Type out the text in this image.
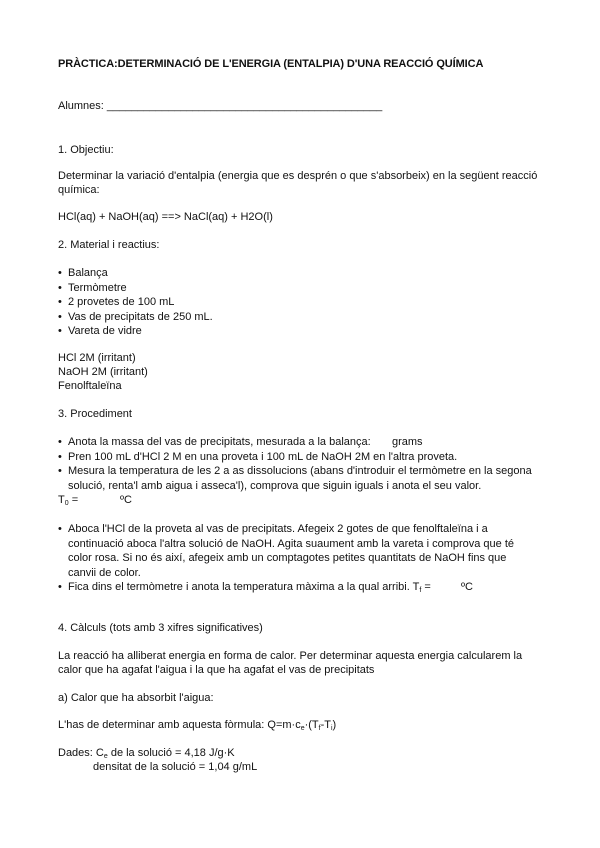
PRÀCTICA:DETERMINACIÓ DE L'ENERGIA (ENTALPIA) D'UNA REACCIÓ QUÍMICA
Alumnes: _____________________________________________
1. Objectiu:
Determinar la variació d'entalpia (energia que es desprén o que s'absorbeix) en la següent reacció
química:
HCl(aq) + NaOH(aq) ==> NaCl(aq) + H2O(l)
2. Material i reactius:
• Balança
• Termòmetre
• 2 provetes de 100 mL
• Vas de precipitats de 250 mL.
• Vareta de vidre
HCl 2M (irritant)
NaOH 2M (irritant)
Fenolftaleïna
3. Procediment
• Anota la massa del vas de precipitats, mesurada a la balança: grams
• Pren 100 mL d'HCl 2 M en una proveta i 100 mL de NaOH 2M en l'altra proveta.
• Mesura la temperatura de les 2 a as dissolucions (abans d'introduir el termòmetre en la segona
solució, renta'l amb aigua i asseca'l), comprova que siguin iguals i anota el seu valor.
$T_0$ =	ºC
• Aboca l'HCl de la proveta al vas de precipitats. Afegeix 2 gotes de que fenolftaleïna i a
continuació aboca l'altra solució de NaOH. Agita suaument amb la vareta i comprova que té
color rosa. Si no és així, afegeix amb un comptagotes petites quantitats de NaOH fins que
canvii de color.
• Fica dins el termòmetre i anota la temperatura màxima a la qual arribi. $T_f$ =	ºC
4. Càlculs (tots amb 3 xifres significatives)
La reacció ha alliberat energia en forma de calor. Per determinar aquesta energia calcularem la
calor que ha agafat l'aigua i la que ha agafat el vas de precipitats
a) Calor que ha absorbit l'aigua:
L'has de determinar amb aquesta fòrmula: $Q=m\cdot c_e\cdot(T_f-T_i)$
Dades: $C_e$ de la solució = 4,18 J/g·K
densitat de la solució = 1,04 g/mL
